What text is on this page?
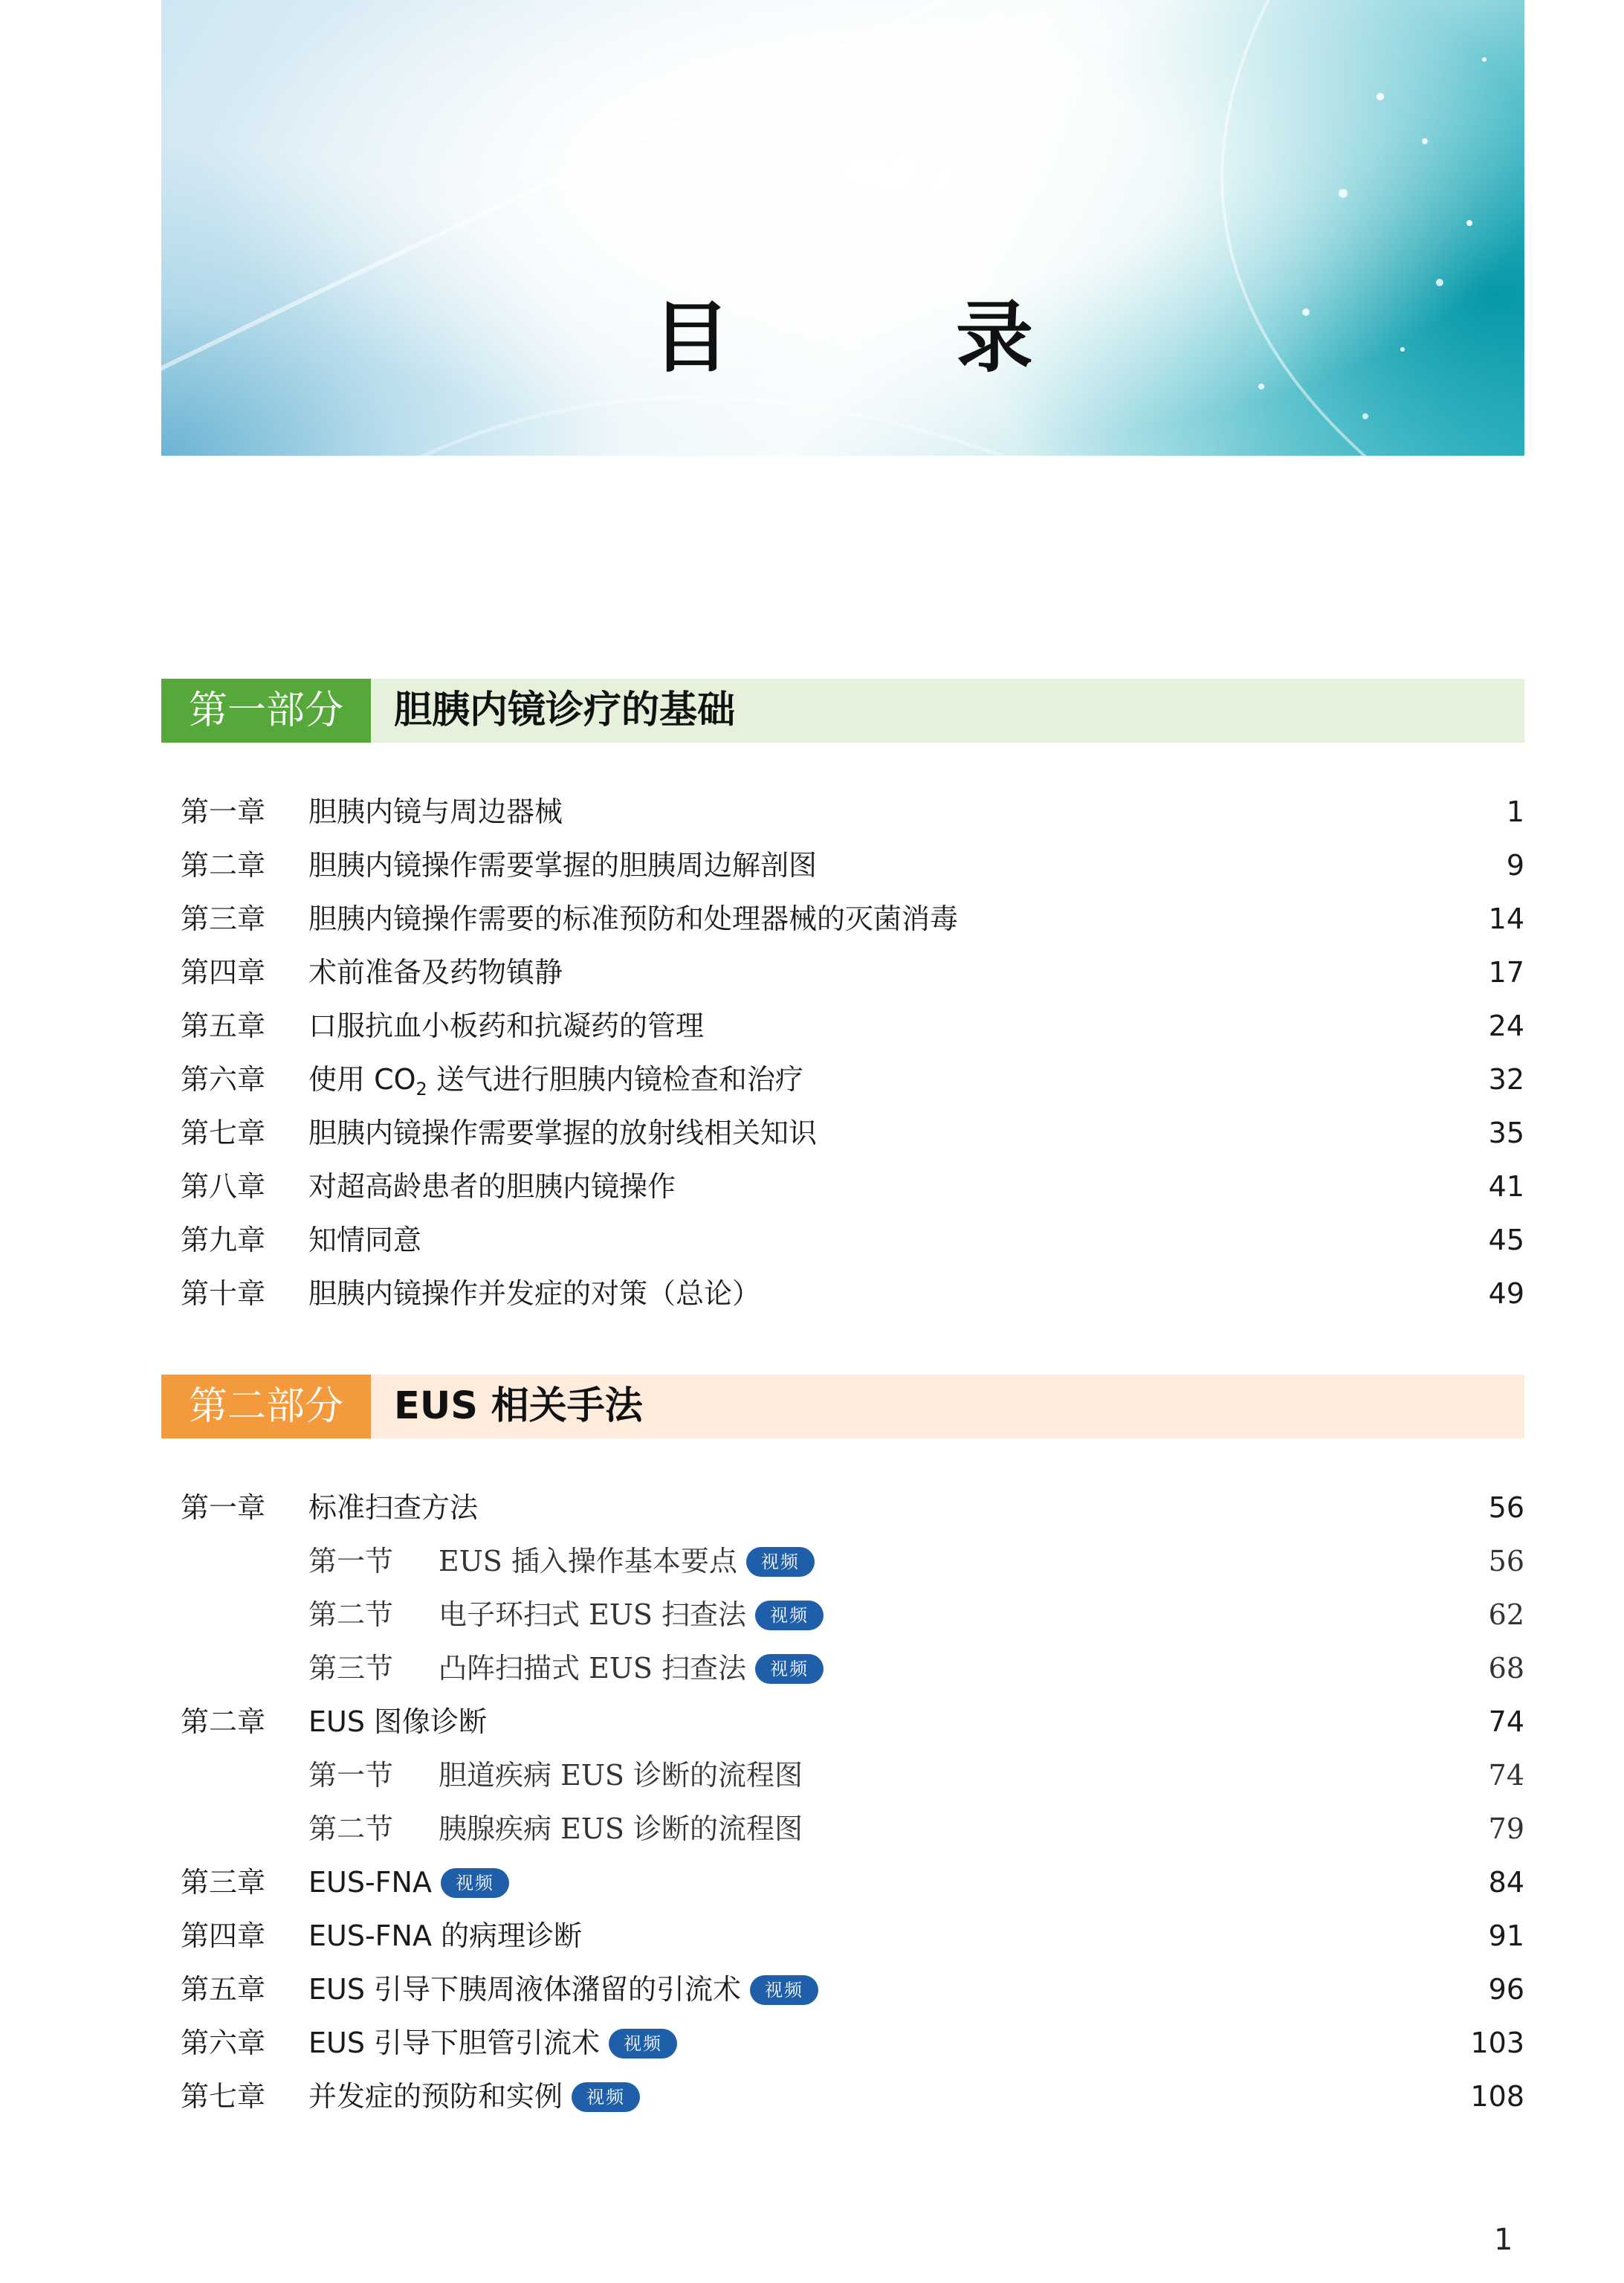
目　录
第一部分	胆胰内镜诊疗的基础
第一章 胆胰内镜与周边器械	1
第二章 胆胰内镜操作需要掌握的胆胰周边解剖图	9
第三章 胆胰内镜操作需要的标准预防和处理器械的灭菌消毒	14
第四章 术前准备及药物镇静	17
第五章 口服抗血小板药和抗凝药的管理	24
第六章 使用 $CO_2$ 送气进行胆胰内镜检查和治疗	32
第七章 胆胰内镜操作需要掌握的放射线相关知识	35
第八章 对超高龄患者的胆胰内镜操作	41
第九章 知情同意	45
第十章 胆胰内镜操作并发症的对策（总论）	49
第二部分	EUS 相关手法
第一章 标准扫查方法	56
第一节 EUS 插入操作基本要点 视频	56
第二节 电子环扫式 EUS 扫查法 视频	62
第三节 凸阵扫描式 EUS 扫查法 视频	68
第二章 EUS 图像诊断	74
第一节 胆道疾病 EUS 诊断的流程图	74
第二节 胰腺疾病 EUS 诊断的流程图	79
第三章 EUS-FNA 视频	84
第四章 EUS-FNA 的病理诊断	91
第五章 EUS 引导下胰周液体潴留的引流术 视频	96
第六章 EUS 引导下胆管引流术 视频	103
第七章 并发症的预防和实例 视频	108
1
